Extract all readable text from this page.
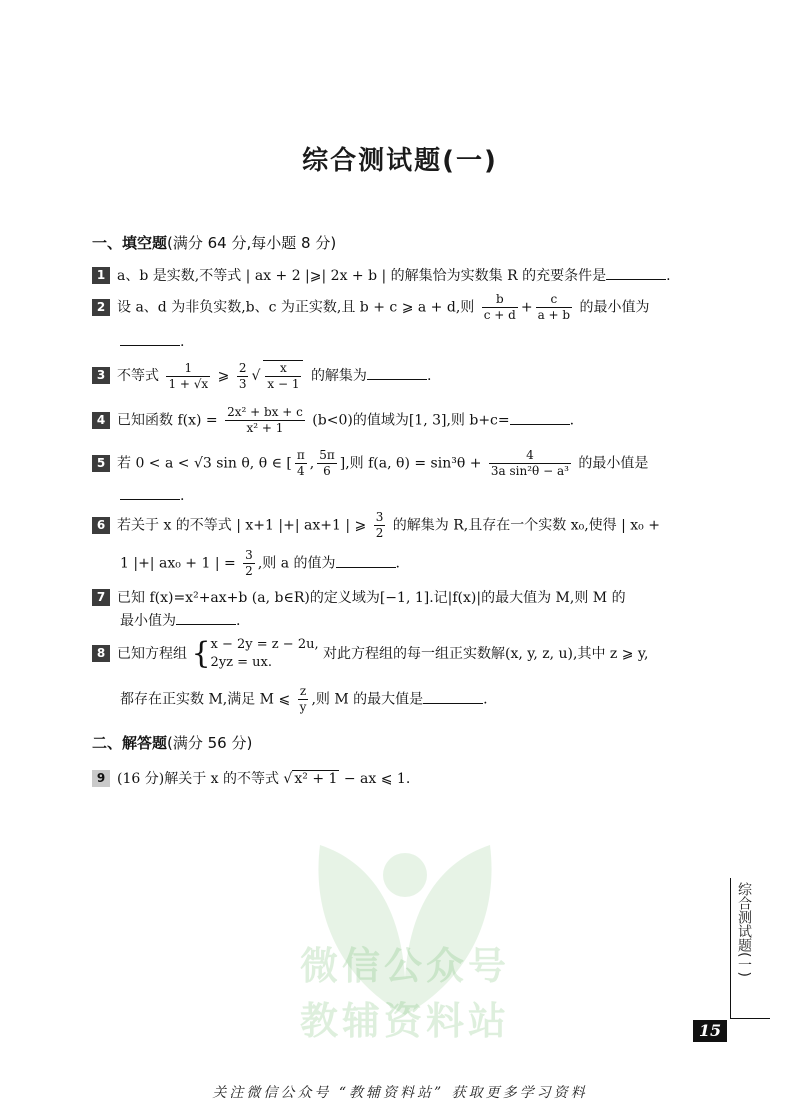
综合测试题(一)
微信公众号
教辅资料站
一、填空题(满分 64 分,每小题 8 分)
1 a、b 是实数,不等式 | ax + 2 |⩾| 2x + b | 的解集恰为实数集 R 的充要条件是	.
2 设 a、d 为非负实数,b、c 为正实数,且 b + c ⩾ a + d,则 $\frac{b}{c + d} + \frac{c}{a + b}$ 的最小值为
.
3 不等式 $\frac{1}{1 + √x}$ ⩾ $\frac{2}{3}$ √ $\frac{x}{x - 1}$ 的解集为	.
4 已知函数 $f(x) = \frac{\text{2x² + bx + c}}{\text{x² + 1}} (b<0)$的值域为[1, 3],则 b+c=	.
5 若 0 < a < √3 sin θ, θ ∈ [ $\frac{\pi}{4}$ , $\frac{5\pi}{6}$ ],则 f(a, $\theta) = \sin^3\theta + \frac{4}{\text{3a sin²θ − a³}}$ 的最小值是
.
6 若关于 x 的不等式 | x+1 |+| ax+1 | ⩾ $\frac{3}{2}$ 的解集为 R,且存在一个实数 x₀,使得 | x₀ +
1 |+| ax₀ + 1 | = $\frac{3}{2}$ ,则 a 的值为	.
7 已知 f(x)=x²+ax+b (a, b∈R)的定义域为[−1, 1].记|f(x)|的最大值为 M,则 M 的
最小值为	.
8 已知方程组 { x − 2y = z − 2u,
2yz = ux.
对此方程组的每一组正实数解(x, y, z, u),其中 z ⩾ y,
都存在正实数 M,满足 M ⩽ $\frac{z}{y}$ ,则 M 的最大值是	.
二、解答题(满分 56 分)
9 (16 分)解关于 x 的不等式 √ x² + 1 − ax ⩽ 1.
综合测试题(一)
15
关注微信公众号 “教辅资料站” 获取更多学习资料
